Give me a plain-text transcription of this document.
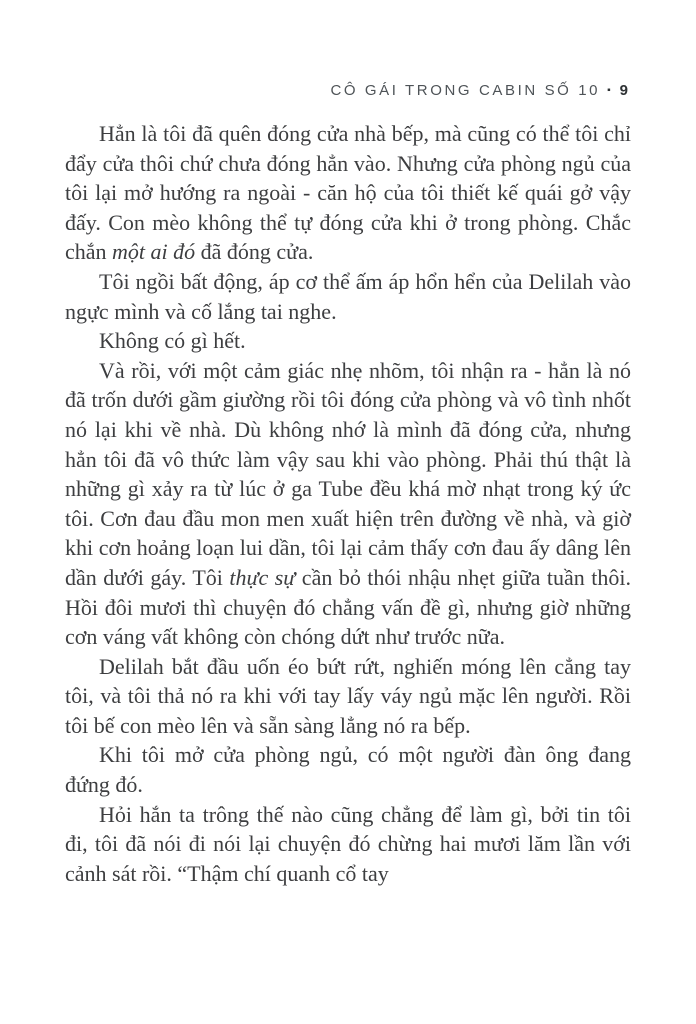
CÔ GÁI TRONG CABIN SỐ 10 ▪ 9

Hẳn là tôi đã quên đóng cửa nhà bếp, mà cũng có thể tôi chỉ đẩy cửa thôi chứ chưa đóng hẳn vào. Nhưng cửa phòng ngủ của tôi lại mở hướng ra ngoài - căn hộ của tôi thiết kế quái gở vậy đấy. Con mèo không thể tự đóng cửa khi ở trong phòng. Chắc chắn một ai đó đã đóng cửa.

Tôi ngồi bất động, áp cơ thể ấm áp hổn hển của Delilah vào ngực mình và cố lắng tai nghe.

Không có gì hết.

Và rồi, với một cảm giác nhẹ nhõm, tôi nhận ra - hẳn là nó đã trốn dưới gầm giường rồi tôi đóng cửa phòng và vô tình nhốt nó lại khi về nhà. Dù không nhớ là mình đã đóng cửa, nhưng hẳn tôi đã vô thức làm vậy sau khi vào phòng. Phải thú thật là những gì xảy ra từ lúc ở ga Tube đều khá mờ nhạt trong ký ức tôi. Cơn đau đầu mon men xuất hiện trên đường về nhà, và giờ khi cơn hoảng loạn lui dần, tôi lại cảm thấy cơn đau ấy dâng lên dần dưới gáy. Tôi thực sự cần bỏ thói nhậu nhẹt giữa tuần thôi. Hồi đôi mươi thì chuyện đó chẳng vấn đề gì, nhưng giờ những cơn váng vất không còn chóng dứt như trước nữa.

Delilah bắt đầu uốn éo bứt rứt, nghiến móng lên cẳng tay tôi, và tôi thả nó ra khi với tay lấy váy ngủ mặc lên người. Rồi tôi bế con mèo lên và sẵn sàng lẳng nó ra bếp.

Khi tôi mở cửa phòng ngủ, có một người đàn ông đang đứng đó.

Hỏi hắn ta trông thế nào cũng chẳng để làm gì, bởi tin tôi đi, tôi đã nói đi nói lại chuyện đó chừng hai mươi lăm lần với cảnh sát rồi. “Thậm chí quanh cổ tay
